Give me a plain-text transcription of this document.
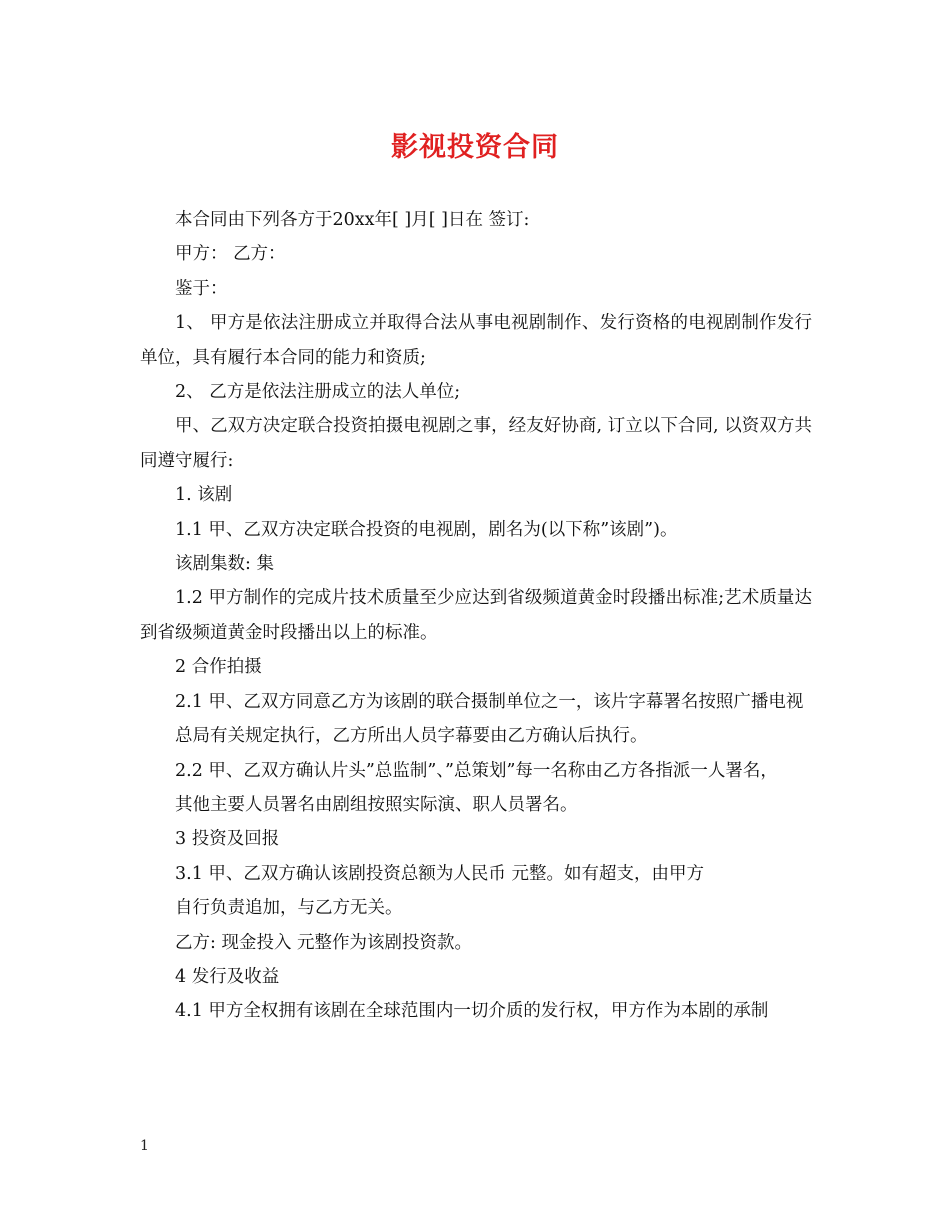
影视投资合同

本合同由下列各方于20xx年[ ]月[ ]日在 签订:

甲方： 乙方：

鉴于：

1、 甲方是依法注册成立并取得合法从事电视剧制作、发行资格的电视剧制作发行单位，具有履行本合同的能力和资质;

2、 乙方是依法注册成立的法人单位;

甲、乙双方决定联合投资拍摄电视剧之事，经友好协商, 订立以下合同, 以资双方共同遵守履行:

1. 该剧

1.1 甲、乙双方决定联合投资的电视剧，剧名为(以下称”该剧”)。

该剧集数: 集

1.2 甲方制作的完成片技术质量至少应达到省级频道黄金时段播出标准;艺术质量达到省级频道黄金时段播出以上的标准。

2 合作拍摄

2.1 甲、乙双方同意乙方为该剧的联合摄制单位之一，该片字幕署名按照广播电视

总局有关规定执行，乙方所出人员字幕要由乙方确认后执行。

2.2 甲、乙双方确认片头”总监制”、”总策划”每一名称由乙方各指派一人署名，

其他主要人员署名由剧组按照实际演、职人员署名。

3 投资及回报

3.1 甲、乙双方确认该剧投资总额为人民币 元整。如有超支，由甲方

自行负责追加，与乙方无关。

乙方: 现金投入 元整作为该剧投资款。

4 发行及收益

4.1 甲方全权拥有该剧在全球范围内一切介质的发行权，甲方作为本剧的承制

1
